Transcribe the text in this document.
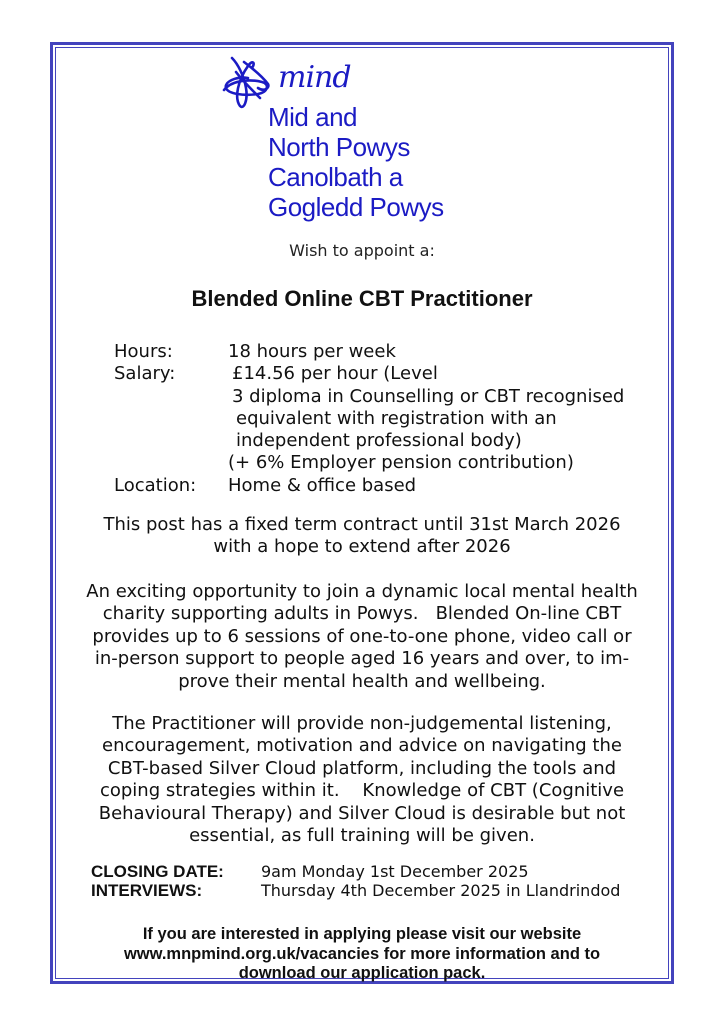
mind
Mid and
North Powys
Canolbath a
Gogledd Powys
Wish to appoint a:
Blended Online CBT Practitioner
Hours:	18 hours per week
Salary:	£14.56 per hour (Level
3 diploma in Counselling or CBT recognised
equivalent with registration with an
independent professional body)
(+ 6% Employer pension contribution)
Location:	Home & office based
This post has a fixed term contract until 31st March 2026
with a hope to extend after 2026
An exciting opportunity to join a dynamic local mental health
charity supporting adults in Powys.   Blended On-line CBT
provides up to 6 sessions of one-to-one phone, video call or
in-person support to people aged 16 years and over, to im-
prove their mental health and wellbeing.
The Practitioner will provide non-judgemental listening,
encouragement, motivation and advice on navigating the
CBT-based Silver Cloud platform, including the tools and
coping strategies within it.    Knowledge of CBT (Cognitive
Behavioural Therapy) and Silver Cloud is desirable but not
essential, as full training will be given.
CLOSING DATE:	9am Monday 1st December 2025
INTERVIEWS:	Thursday 4th December 2025 in Llandrindod
If you are interested in applying please visit our website
www.mnpmind.org.uk/vacancies for more information and to
download our application pack.
